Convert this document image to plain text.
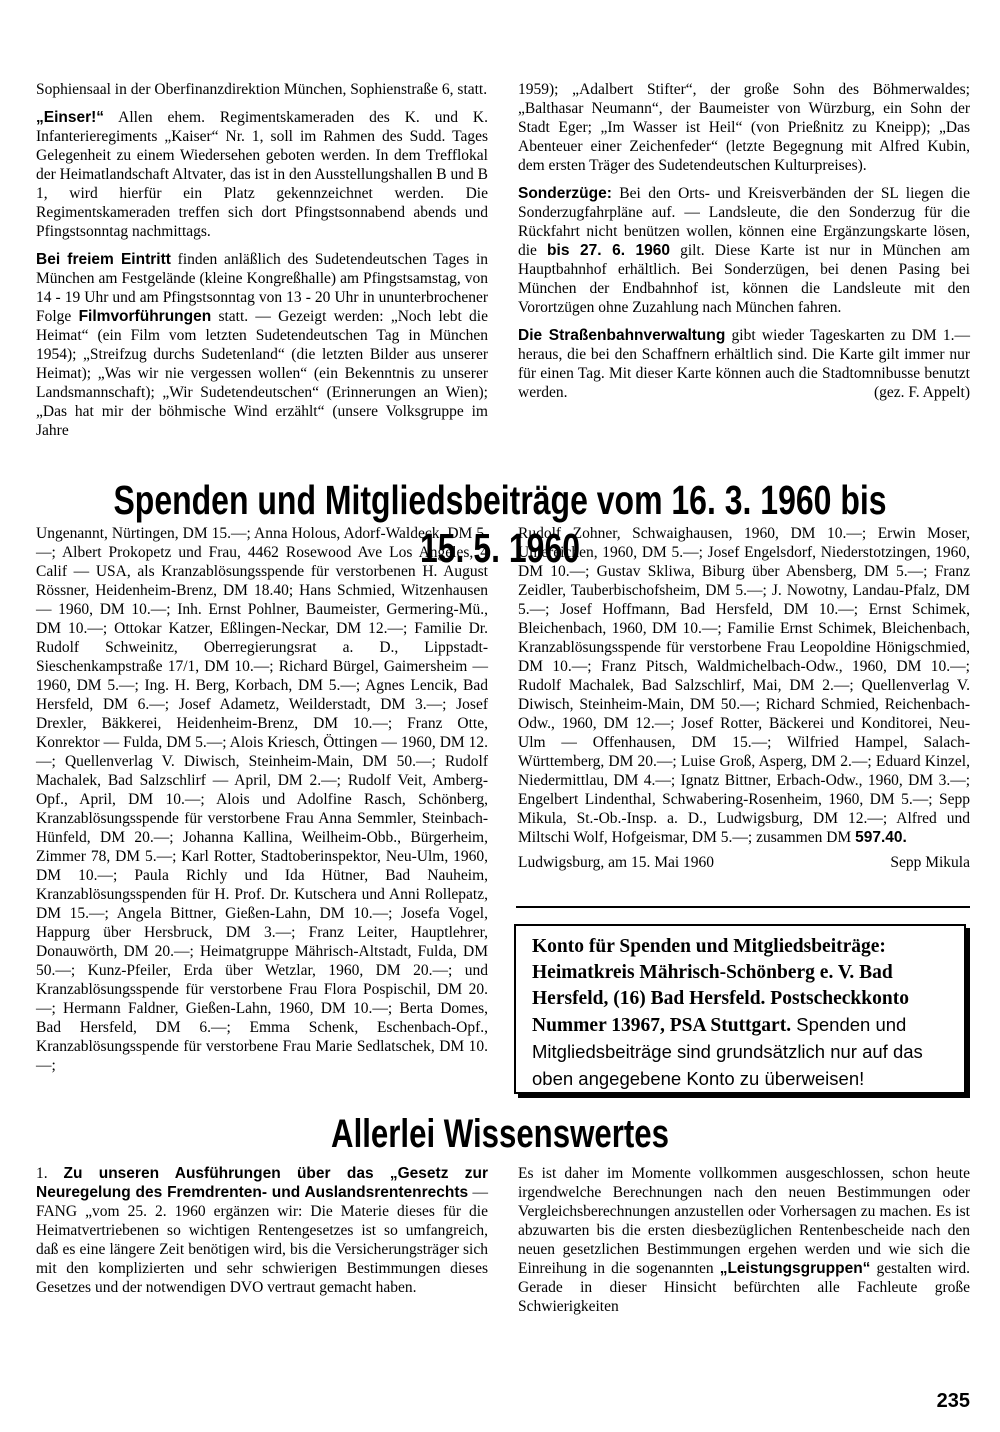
Sophiensaal in der Oberfinanzdirektion München, Sophienstraße 6, statt.

„Einser!“ Allen ehem. Regimentskameraden des K. und K. Infanterieregiments „Kaiser“ Nr. 1, soll im Rahmen des Sudd. Tages Gelegenheit zu einem Wiedersehen geboten werden. In dem Trefflokal der Heimatlandschaft Altvater, das ist in den Ausstellungshallen B und B 1, wird hierfür ein Platz gekennzeichnet werden. Die Regimentskameraden treffen sich dort Pfingstsonnabend abends und Pfingstsonntag nachmittags.

Bei freiem Eintritt finden anläßlich des Sudetendeutschen Tages in München am Festgelände (kleine Kongreßhalle) am Pfingstsamstag, von 14 - 19 Uhr und am Pfingstsonntag von 13 - 20 Uhr in ununterbrochener Folge Filmvorführungen statt. — Gezeigt werden: „Noch lebt die Heimat“ (ein Film vom letzten Sudetendeutschen Tag in München 1954); „Streifzug durchs Sudetenland“ (die letzten Bilder aus unserer Heimat); „Was wir nie vergessen wollen“ (ein Bekenntnis zu unserer Landsmannschaft); „Wir Sudetendeutschen“ (Erinnerungen an Wien); „Das hat mir der böhmische Wind erzählt“ (unsere Volksgruppe im Jahre

1959); „Adalbert Stifter“, der große Sohn des Böhmerwaldes; „Balthasar Neumann“, der Baumeister von Würzburg, ein Sohn der Stadt Eger; „Im Wasser ist Heil“ (von Prießnitz zu Kneipp); „Das Abenteuer einer Zeichenfeder“ (letzte Begegnung mit Alfred Kubin, dem ersten Träger des Sudetendeutschen Kulturpreises).

Sonderzüge: Bei den Orts- und Kreisverbänden der SL liegen die Sonderzugfahrpläne auf. — Landsleute, die den Sonderzug für die Rückfahrt nicht benützen wollen, können eine Ergänzungskarte lösen, die bis 27. 6. 1960 gilt. Diese Karte ist nur in München am Hauptbahnhof erhältlich. Bei Sonderzügen, bei denen Pasing bei München der Endbahnhof ist, können die Landsleute mit den Vorortzügen ohne Zuzahlung nach München fahren.

Die Straßenbahnverwaltung gibt wieder Tageskarten zu DM 1.— heraus, die bei den Schaffnern erhältlich sind. Die Karte gilt immer nur für einen Tag. Mit dieser Karte können auch die Stadtomnibusse benutzt werden.	(gez. F. Appelt)

Spenden und Mitgliedsbeiträge vom 16. 3. 1960 bis 15. 5. 1960

Ungenannt, Nürtingen, DM 15.—; Anna Holous, Adorf-Waldeck, DM 5.—; Albert Prokopetz und Frau, 4462 Rosewood Ave Los Angeles, 4 Calif — USA, als Kranzablösungsspende für verstorbenen H. August Rössner, Heidenheim-Brenz, DM 18.40; Hans Schmied, Witzenhausen — 1960, DM 10.—; Inh. Ernst Pohlner, Baumeister, Germering-Mü., DM 10.—; Ottokar Katzer, Eßlingen-Neckar, DM 12.—; Familie Dr. Rudolf Schweinitz, Oberregierungsrat a. D., Lippstadt-Sieschenkampstraße 17/1, DM 10.—; Richard Bürgel, Gaimersheim — 1960, DM 5.—; Ing. H. Berg, Korbach, DM 5.—; Agnes Lencik, Bad Hersfeld, DM 6.—; Josef Adametz, Weilderstadt, DM 3.—; Josef Drexler, Bäkkerei, Heidenheim-Brenz, DM 10.—; Franz Otte, Konrektor — Fulda, DM 5.—; Alois Kriesch, Öttingen — 1960, DM 12.—; Quellenverlag V. Diwisch, Steinheim-Main, DM 50.—; Rudolf Machalek, Bad Salzschlirf — April, DM 2.—; Rudolf Veit, Amberg-Opf., April, DM 10.—; Alois und Adolfine Rasch, Schönberg, Kranzablösungsspende für verstorbene Frau Anna Semmler, Steinbach-Hünfeld, DM 20.—; Johanna Kallina, Weilheim-Obb., Bürgerheim, Zimmer 78, DM 5.—; Karl Rotter, Stadtoberinspektor, Neu-Ulm, 1960, DM 10.—; Paula Richly und Ida Hütner, Bad Nauheim, Kranzablösungsspenden für H. Prof. Dr. Kutschera und Anni Rollepatz, DM 15.—; Angela Bittner, Gießen-Lahn, DM 10.—; Josefa Vogel, Happurg über Hersbruck, DM 3.—; Franz Leiter, Hauptlehrer, Donauwörth, DM 20.—; Heimatgruppe Mährisch-Altstadt, Fulda, DM 50.—; Kunz-Pfeiler, Erda über Wetzlar, 1960, DM 20.—; und Kranzablösungsspende für verstorbene Frau Flora Pospischil, DM 20.—; Hermann Faldner, Gießen-Lahn, 1960, DM 10.—; Berta Domes, Bad Hersfeld, DM 6.—; Emma Schenk, Eschenbach-Opf., Kranzablösungsspende für verstorbene Frau Marie Sedlatschek, DM 10.—;

Rudolf Zohner, Schwaighausen, 1960, DM 10.—; Erwin Moser, Untereichen, 1960, DM 5.—; Josef Engelsdorf, Niederstotzingen, 1960, DM 10.—; Gustav Skliwa, Biburg über Abensberg, DM 5.—; Franz Zeidler, Tauberbischofsheim, DM 5.—; J. Nowotny, Landau-Pfalz, DM 5.—; Josef Hoffmann, Bad Hersfeld, DM 10.—; Ernst Schimek, Bleichenbach, 1960, DM 10.—; Familie Ernst Schimek, Bleichenbach, Kranzablösungsspende für verstorbene Frau Leopoldine Hönigschmied, DM 10.—; Franz Pitsch, Waldmichelbach-Odw., 1960, DM 10.—; Rudolf Machalek, Bad Salzschlirf, Mai, DM 2.—; Quellenverlag V. Diwisch, Steinheim-Main, DM 50.—; Richard Schmied, Reichenbach-Odw., 1960, DM 12.—; Josef Rotter, Bäckerei und Konditorei, Neu-Ulm — Offenhausen, DM 15.—; Wilfried Hampel, Salach-Württemberg, DM 20.—; Luise Groß, Asperg, DM 2.—; Eduard Kinzel, Niedermittlau, DM 4.—; Ignatz Bittner, Erbach-Odw., 1960, DM 3.—; Engelbert Lindenthal, Schwabering-Rosenheim, 1960, DM 5.—; Sepp Mikula, St.-Ob.-Insp. a. D., Ludwigsburg, DM 12.—; Alfred und Miltschi Wolf, Hofgeismar, DM 5.—; zusammen DM 597.40.

Ludwigsburg, am 15. Mai 1960	Sepp Mikula

Konto für Spenden und Mitgliedsbeiträge: Heimatkreis Mährisch-Schönberg e. V. Bad Hersfeld, (16) Bad Hersfeld. Postscheckkonto Nummer 13967, PSA Stuttgart. Spenden und Mitgliedsbeiträge sind grundsätzlich nur auf das oben angegebene Konto zu überweisen!
Allerlei Wissenswertes

1. Zu unseren Ausführungen über das „Gesetz zur Neuregelung des Fremdrenten- und Auslandsrentenrechts — FANG „vom 25. 2. 1960 ergänzen wir: Die Materie dieses für die Heimatvertriebenen so wichtigen Rentengesetzes ist so umfangreich, daß es eine längere Zeit benötigen wird, bis die Versicherungsträger sich mit den komplizierten und sehr schwierigen Bestimmungen dieses Gesetzes und der notwendigen DVO vertraut gemacht haben.

Es ist daher im Momente vollkommen ausgeschlossen, schon heute irgendwelche Berechnungen nach den neuen Bestimmungen oder Vergleichsberechnungen anzustellen oder Vorhersagen zu machen. Es ist abzuwarten bis die ersten diesbezüglichen Rentenbescheide nach den neuen gesetzlichen Bestimmungen ergehen werden und wie sich die Einreihung in die sogenannten „Leistungsgruppen“ gestalten wird. Gerade in dieser Hinsicht befürchten alle Fachleute große Schwierigkeiten

235
